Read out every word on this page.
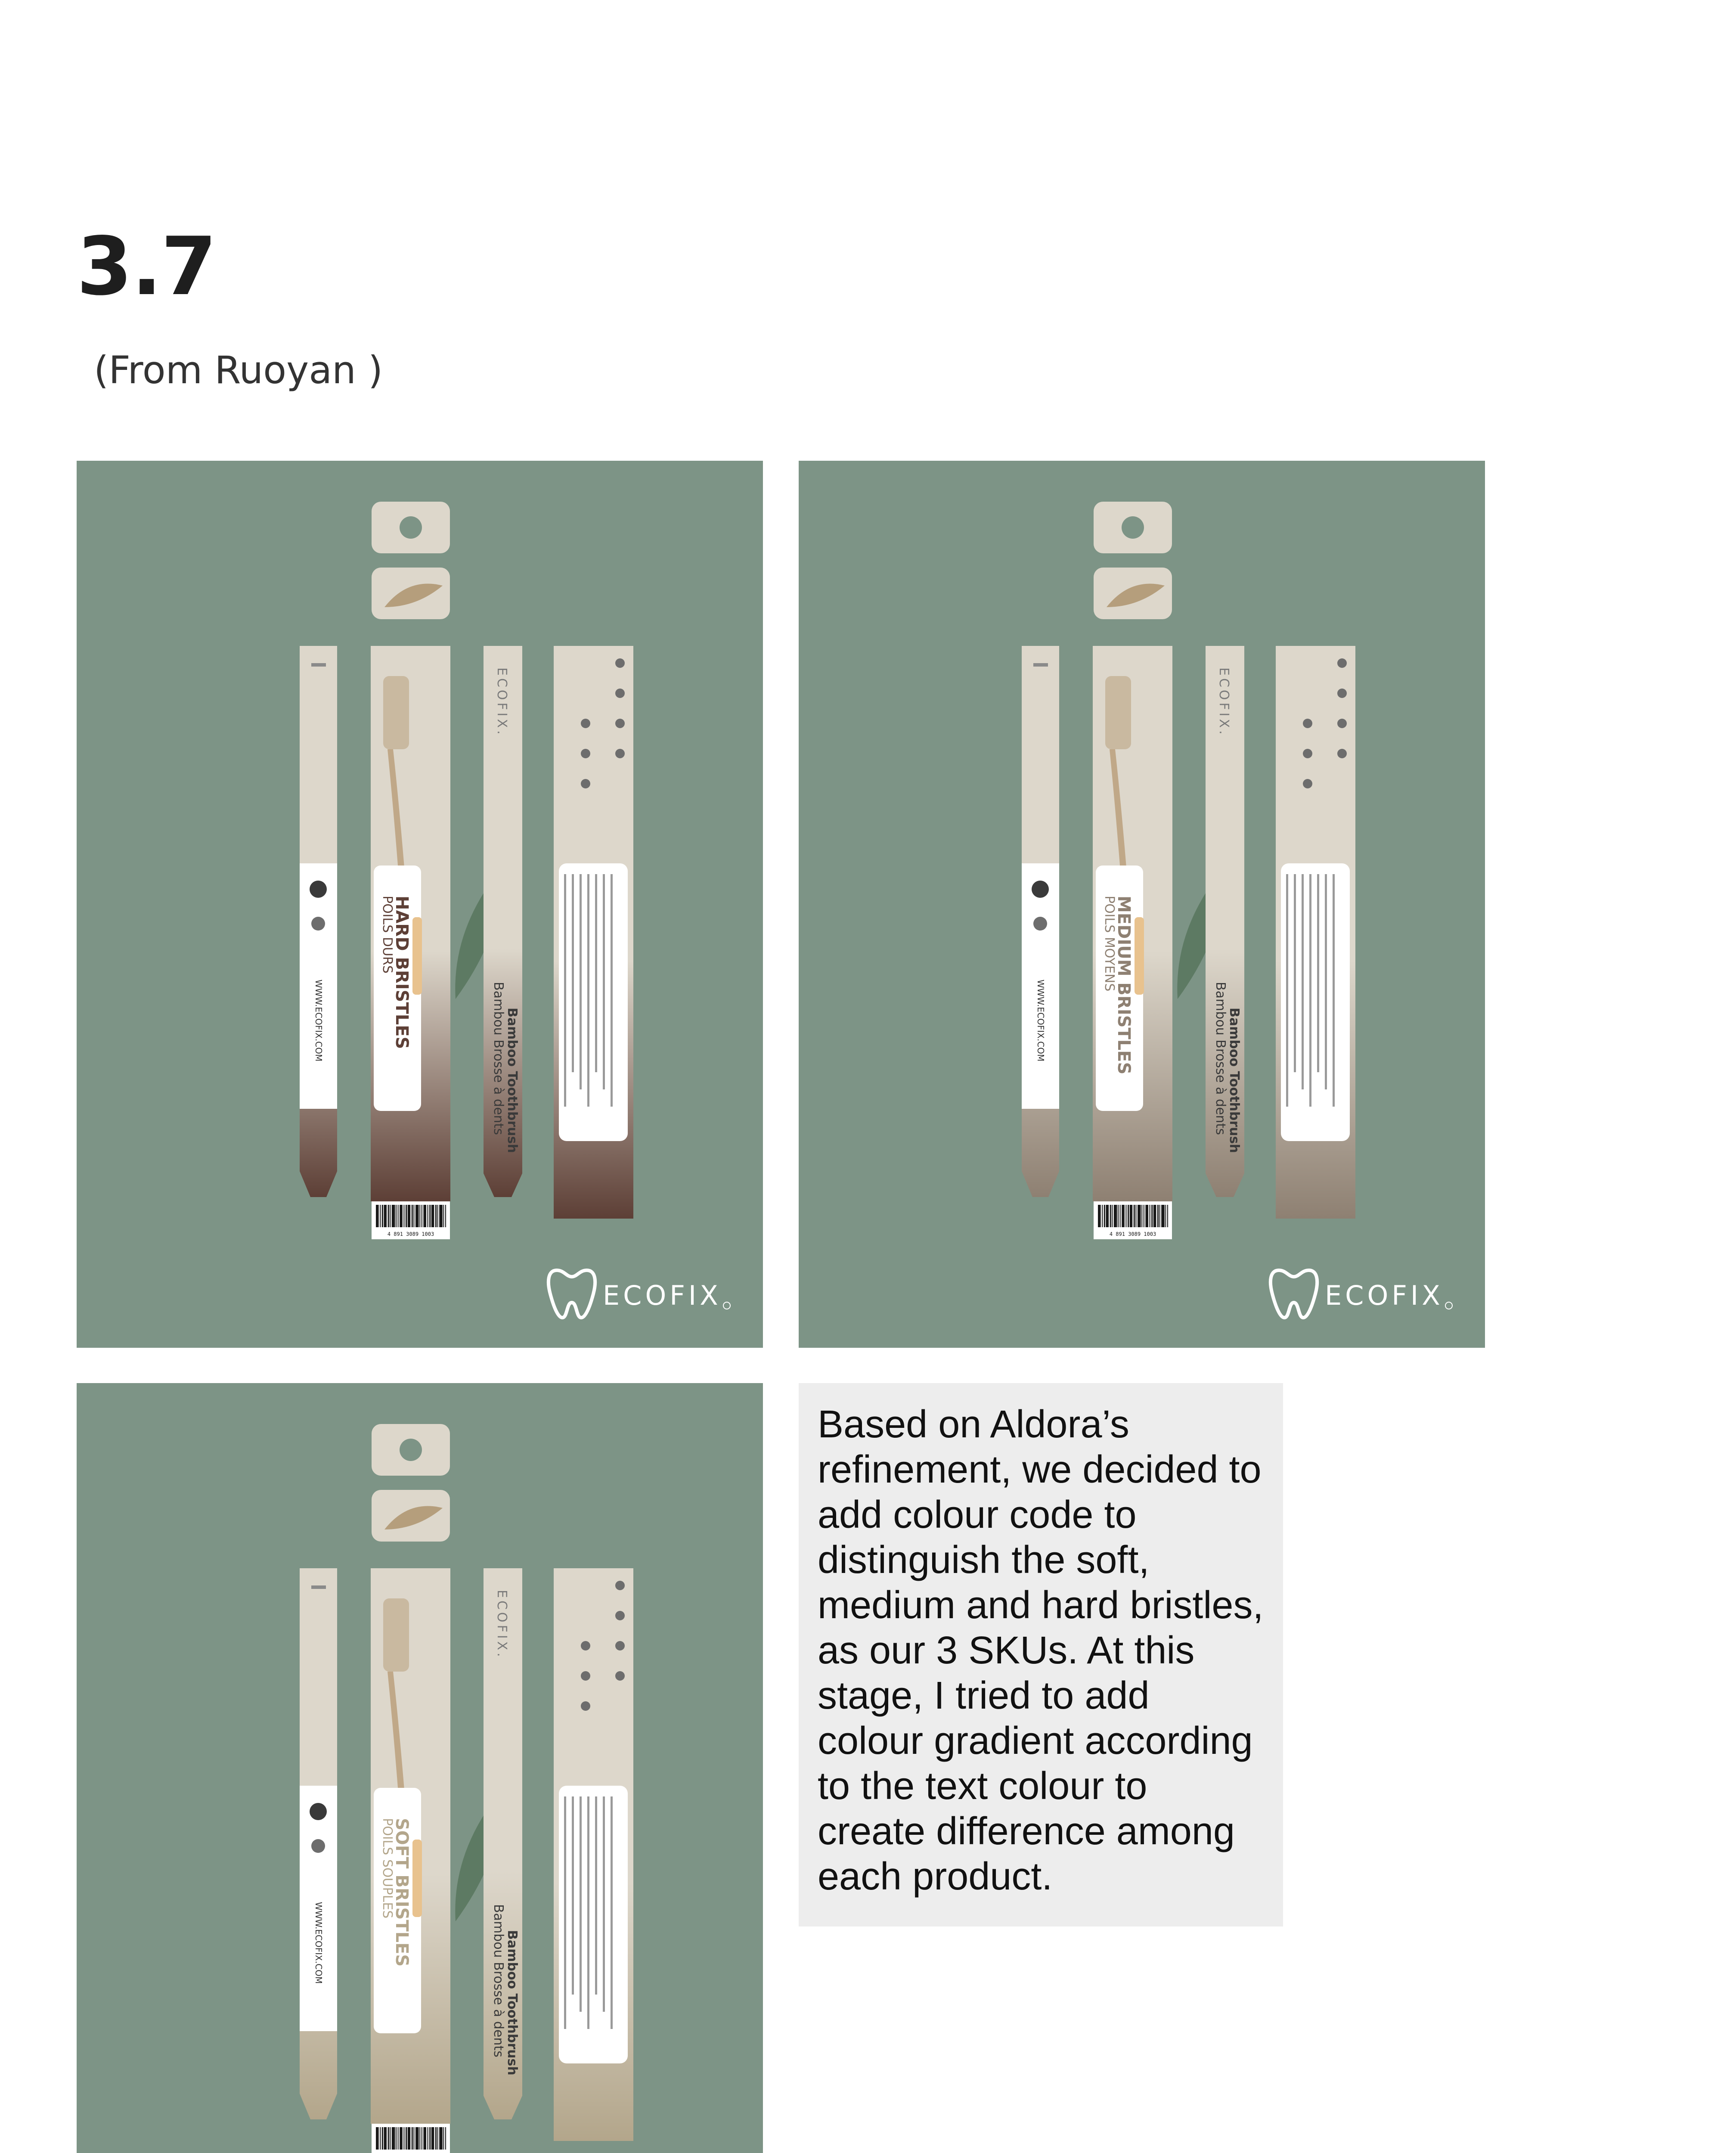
3.7

(From Ruoyan )

WWW.ECOFIX.COM	HARD BRISTLES
POILS DURS
ECOFIX.
Bamboo Toothbrush
Bambou Brosse à dents
4 891 3089 1003
ECOFIX
WWW.ECOFIX.COM	MEDIUM BRISTLES
POILS MOYENS
ECOFIX.
Bamboo Toothbrush
Bambou Brosse à dents
4 891 3089 1003
ECOFIX
WWW.ECOFIX.COM	SOFT BRISTLES
POILS SOUPLES
ECOFIX.
Bamboo Toothbrush
Bambou Brosse à dents

Based on Aldora’s refinement, we decided to add colour code to distinguish the soft, medium and hard bristles, as our 3 SKUs. At this stage, I tried to add colour gradient according to the text colour to create difference among each product.
